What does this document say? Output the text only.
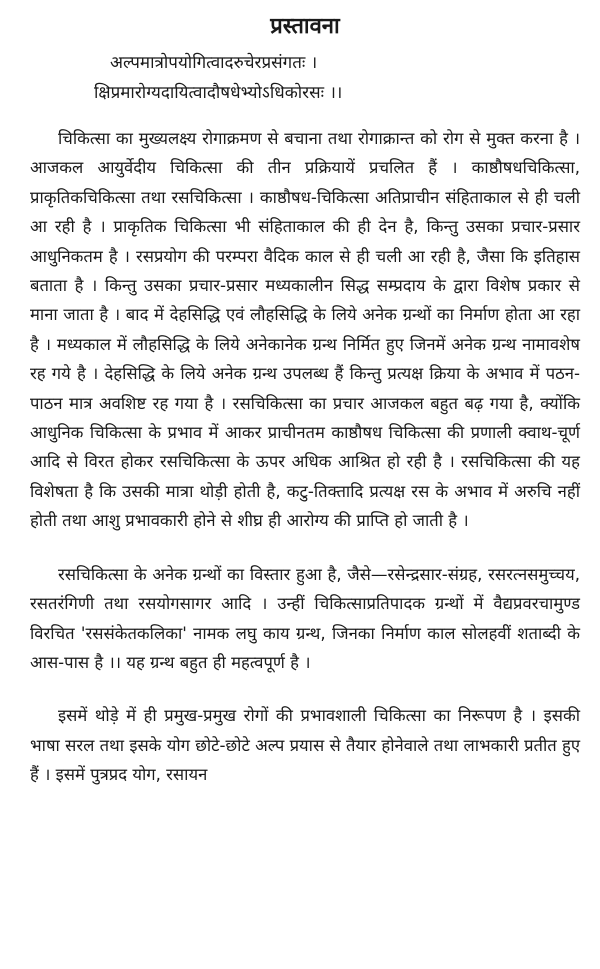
प्रस्तावना

अल्पमात्रोपयोगित्वादरुचेरप्रसंगतः ।
क्षिप्रमारोग्यदायित्वादौषधेभ्योऽधिकोरसः ।।

चिकित्सा का मुख्यलक्ष्य रोगाक्रमण से बचाना तथा रोगाक्रान्त को रोग से मुक्त करना है । आजकल आयुर्वेदीय चिकित्सा की तीन प्रक्रियायें प्रचलित हैं । काष्ठौषधचिकित्सा, प्राकृतिकचिकित्सा तथा रसचिकित्सा । काष्ठौषध-चिकित्सा अतिप्राचीन संहिताकाल से ही चली आ रही है । प्राकृतिक चिकित्सा भी संहिताकाल की ही देन है, किन्तु उसका प्रचार-प्रसार आधुनिकतम है । रसप्रयोग की परम्परा वैदिक काल से ही चली आ रही है, जैसा कि इतिहास बताता है । किन्तु उसका प्रचार-प्रसार मध्यकालीन सिद्ध सम्प्रदाय के द्वारा विशेष प्रकार से माना जाता है । बाद में देहसिद्धि एवं लौहसिद्धि के लिये अनेक ग्रन्थों का निर्माण होता आ रहा है । मध्यकाल में लौहसिद्धि के लिये अनेकानेक ग्रन्थ निर्मित हुए जिनमें अनेक ग्रन्थ नामावशेष रह गये है । देहसिद्धि के लिये अनेक ग्रन्थ उपलब्ध हैं किन्तु प्रत्यक्ष क्रिया के अभाव में पठन-पाठन मात्र अवशिष्ट रह गया है । रसचिकित्सा का प्रचार आजकल बहुत बढ़ गया है, क्योंकि आधुनिक चिकित्सा के प्रभाव में आकर प्राचीनतम काष्ठौषध चिकित्सा की प्रणाली क्वाथ-चूर्ण आदि से विरत होकर रसचिकित्सा के ऊपर अधिक आश्रित हो रही है । रसचिकित्सा की यह विशेषता है कि उसकी मात्रा थोड़ी होती है, कटु-तिक्तादि प्रत्यक्ष रस के अभाव में अरुचि नहीं होती तथा आशु प्रभावकारी होने से शीघ्र ही आरोग्य की प्राप्ति हो जाती है ।

रसचिकित्सा के अनेक ग्रन्थों का विस्तार हुआ है, जैसे—रसेन्द्रसार-संग्रह, रसरत्नसमुच्चय, रसतरंगिणी तथा रसयोगसागर आदि । उन्हीं चिकित्साप्रतिपादक ग्रन्थों में वैद्यप्रवरचामुण्ड विरचित 'रससंकेतकलिका' नामक लघु काय ग्रन्थ, जिनका निर्माण काल सोलहवीं शताब्दी के आस-पास है ।। यह ग्रन्थ बहुत ही महत्वपूर्ण है ।

इसमें थोड़े में ही प्रमुख-प्रमुख रोगों की प्रभावशाली चिकित्सा का निरूपण है । इसकी भाषा सरल तथा इसके योग छोटे-छोटे अल्प प्रयास से तैयार होनेवाले तथा लाभकारी प्रतीत हुए हैं । इसमें पुत्रप्रद योग, रसायन
